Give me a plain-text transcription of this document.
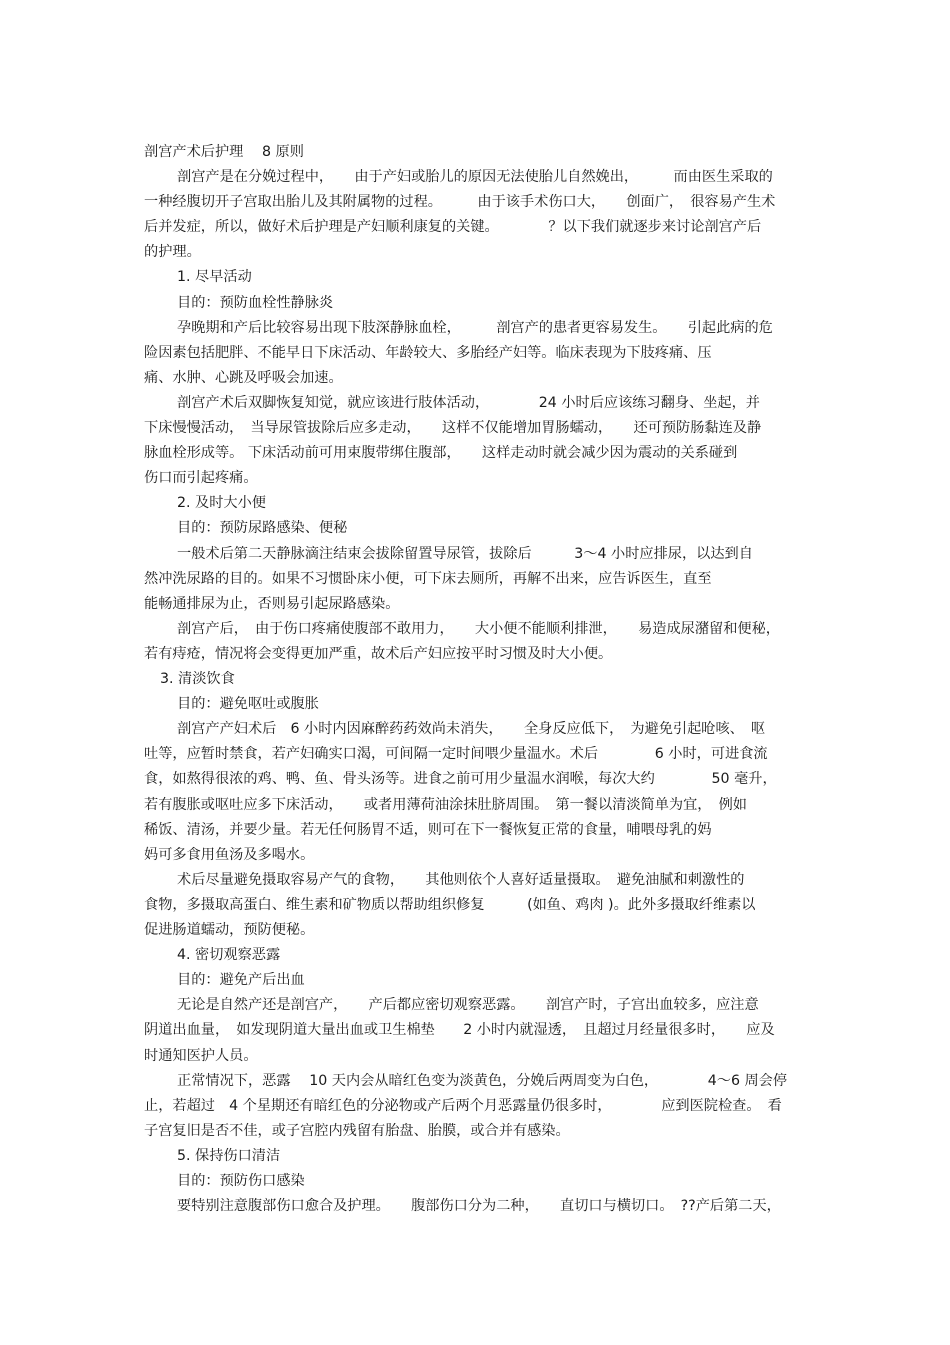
剖宫产术后护理　 8 原则
剖宫产是在分娩过程中，　　由于产妇或胎儿的原因无法使胎儿自然娩出，　　　而由医生采取的
一种经腹切开子宫取出胎儿及其附属物的过程。　　　由于该手术伤口大，　　创面广，　很容易产生术
后并发症，所以，做好术后护理是产妇顺利康复的关键。　　　　？以下我们就逐步来讨论剖宫产后
的护理。
1. 尽早活动
目的：预防血栓性静脉炎
孕晚期和产后比较容易出现下肢深静脉血栓，　　　剖宫产的患者更容易发生。　　引起此病的危
险因素包括肥胖、不能早日下床活动、年龄较大、多胎经产妇等。临床表现为下肢疼痛、压
痛、水肿、心跳及呼吸会加速。
剖宫产术后双脚恢复知觉，就应该进行肢体活动，　　　　24 小时后应该练习翻身、坐起，并
下床慢慢活动，　当导尿管拔除后应多走动，　　这样不仅能增加胃肠蠕动，　　还可预防肠黏连及静
脉血栓形成等。 下床活动前可用束腹带绑住腹部，　　这样走动时就会减少因为震动的关系碰到
伤口而引起疼痛。
2. 及时大小便
目的：预防尿路感染、便秘
一般术后第二天静脉滴注结束会拔除留置导尿管，拔除后　　　3～4 小时应排尿，以达到自
然冲洗尿路的目的。如果不习惯卧床小便，可下床去厕所，再解不出来，应告诉医生，直至
能畅通排尿为止，否则易引起尿路感染。
剖宫产后，　由于伤口疼痛使腹部不敢用力，　　大小便不能顺利排泄，　　易造成尿潴留和便秘，
若有痔疮，情况将会变得更加严重，故术后产妇应按平时习惯及时大小便。
3. 清淡饮食
目的：避免呕吐或腹胀
剖宫产产妇术后　6 小时内因麻醉药药效尚未消失，　　全身反应低下，　为避免引起呛咳、　呕
吐等，应暂时禁食，若产妇确实口渴，可间隔一定时间喂少量温水。术后　　　　6 小时，可进食流
食，如熬得很浓的鸡、鸭、鱼、骨头汤等。进食之前可用少量温水润喉，每次大约　　　　50 毫升，
若有腹胀或呕吐应多下床活动，　　或者用薄荷油涂抹肚脐周围。　第一餐以清淡简单为宜，　例如
稀饭、清汤，并要少量。若无任何肠胃不适，则可在下一餐恢复正常的食量，哺喂母乳的妈
妈可多食用鱼汤及多喝水。
术后尽量避免摄取容易产气的食物，　　其他则依个人喜好适量摄取。　避免油腻和刺激性的
食物，多摄取高蛋白、维生素和矿物质以帮助组织修复　　　(如鱼、鸡肉 )。此外多摄取纤维素以
促进肠道蠕动，预防便秘。
4. 密切观察恶露
目的：避免产后出血
无论是自然产还是剖宫产，　　产后都应密切观察恶露。　　剖宫产时，子宫出血较多，应注意
阴道出血量，　如发现阴道大量出血或卫生棉垫　　2 小时内就湿透，　且超过月经量很多时，　　应及
时通知医护人员。
正常情况下，恶露　 10 天内会从暗红色变为淡黄色，分娩后两周变为白色，　　　　4～6 周会停
止，若超过　4 个星期还有暗红色的分泌物或产后两个月恶露量仍很多时，　　　　应到医院检查。　看
子宫复旧是否不佳，或子宫腔内残留有胎盘、胎膜，或合并有感染。
5. 保持伤口清洁
目的：预防伤口感染
要特别注意腹部伤口愈合及护理。　　腹部伤口分为二种，　　直切口与横切口。　??产后第二天，
